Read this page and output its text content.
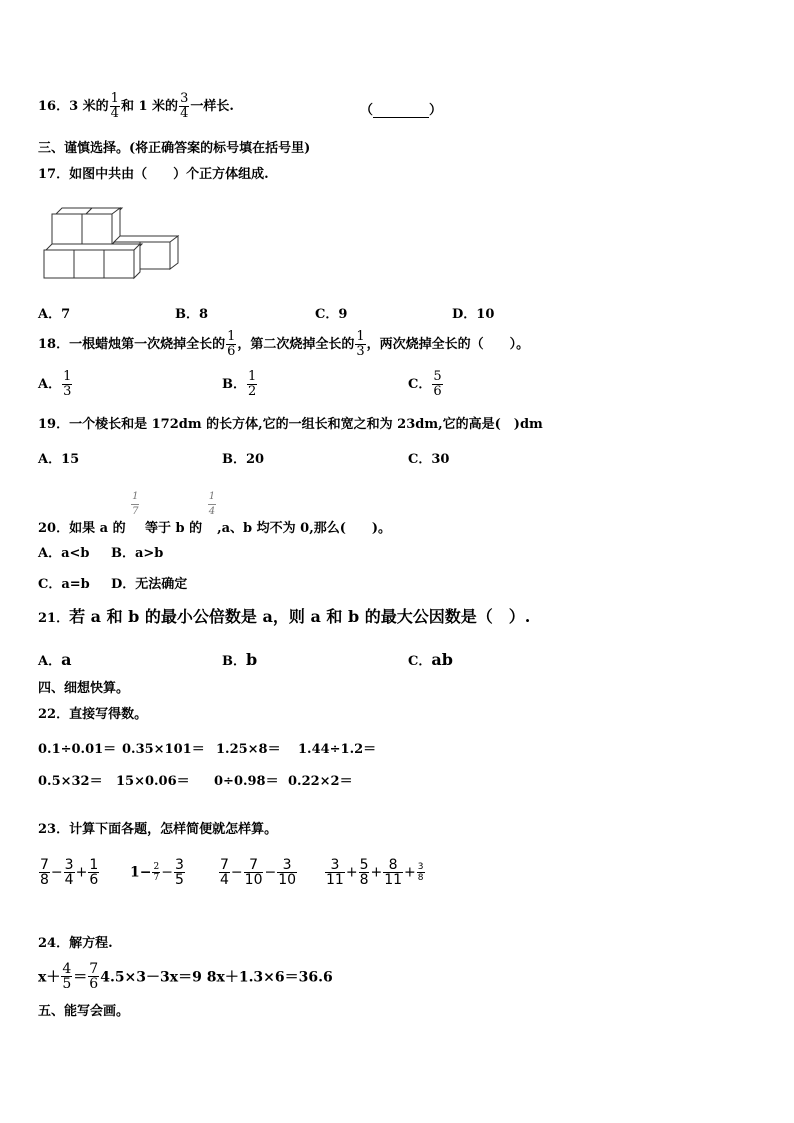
16．3 米的 $\frac{1}{4}$ 和 1 米的 $\frac{3}{4}$ 一样长.	（	）
三、谨慎选择。(将正确答案的标号填在括号里)
17．如图中共由（　　）个正方体组成.
A．7	B．8	C．9	D．10
18．一根蜡烛第一次烧掉全长的 $\frac{1}{6}$ ，第二次烧掉全长的 $\frac{1}{3}$ ，两次烧掉全长的（　　）。
A． $\frac{1}{3}$	B． $\frac{1}{2}$	C． $\frac{5}{6}$
19．一个棱长和是 172dm 的长方体,它的一组长和宽之和为 23dm,它的高是(　)dm
A．15	B．20	C．30
20．如果 a 的
$\frac{1}{7}$
等于 b 的
$\frac{1}{4}$
,a、b 均不为 0,那么(　　)。
A．a<b B．a>b
C．a=b D．无法确定
21．若 a 和 b 的最小公倍数是 a，则 a 和 b 的最大公因数是（　）.
A．a	B．b	C．ab
四、细想快算。
22．直接写得数。
0.1÷0.01＝ 0.35×101＝ 1.25×8＝ 1.44÷1.2＝
0.5×32＝ 15×0.06＝ 0÷0.98＝ 0.22×2＝
23．计算下面各题，怎样简便就怎样算。
$\frac{7}{8} - \frac{3}{4} + \frac{1}{6} 1- \frac{2}{7} - \frac{3}{5} \frac{7}{4} - \frac{7}{10} - \frac{3}{10} \frac{3}{11} + \frac{5}{8} + \frac{8}{11} + \frac{3}{8}$
24．解方程.
$x+ \frac{4}{5} = \frac{7}{6} 4.5\times 3-3x=9$ 8x＋1.3×6＝36.6
五、能写会画。
